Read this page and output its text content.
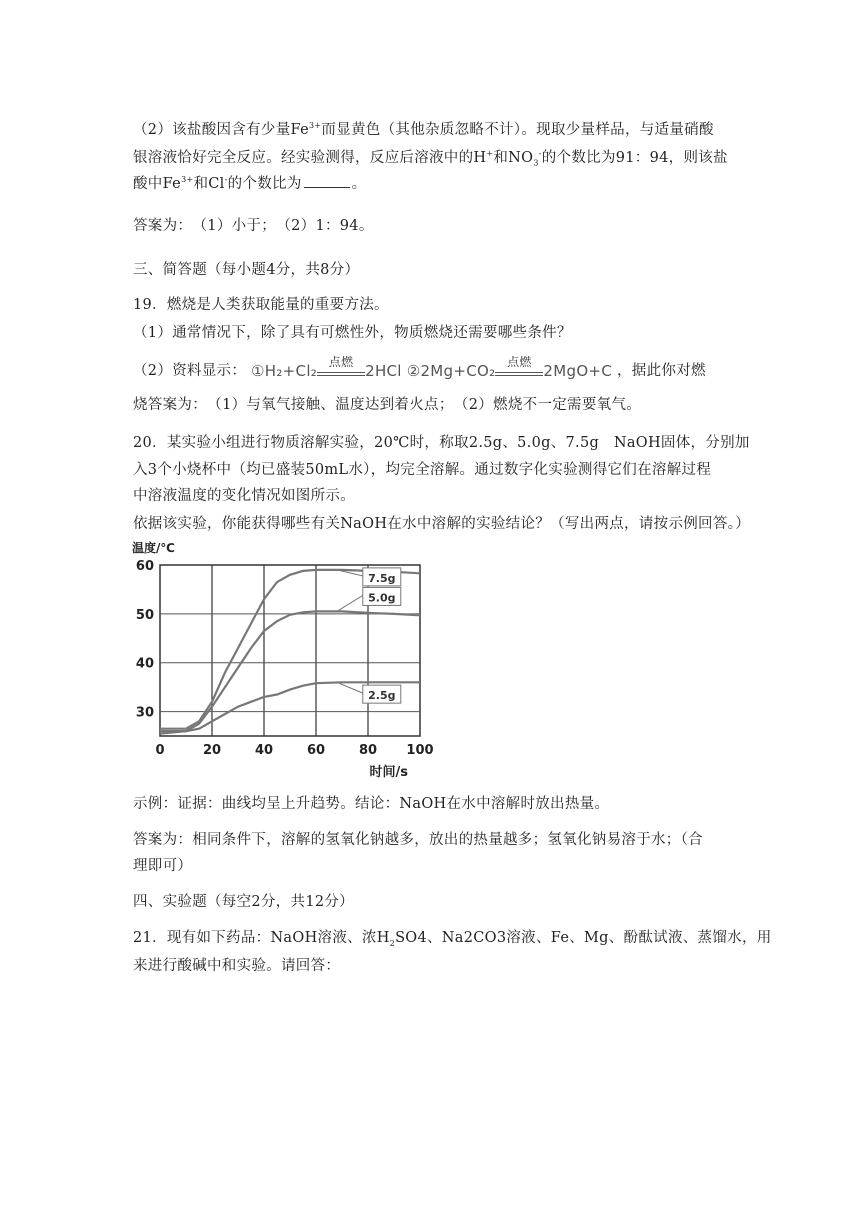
（2）该盐酸因含有少量$Fe^{3+}$而显黄色（其他杂质忽略不计）。现取少量样品，与适量硝酸
银溶液恰好完全反应。经实验测得，反应后溶液中的H+和$NO_3^-$的个数比为91：94，则该盐
酸中$Fe^{3+}$和Cl-的个数比为	。
答案为：　（1）小于；　（2）1：94。
三、简答题（每小题4分，共8分）
19．燃烧是人类获取能量的重要方法。
（1）通常情况下，除了具有可燃性外，物质燃烧还需要哪些条件？
（2）资料显示： ①H₂+Cl₂ 点燃 2HCl ②2Mg+CO₂ 点燃 2MgO+C ，据此你对燃
烧答案为：　（1）与氧气接触、温度达到着火点；　（2）燃烧不一定需要氧气。
20．某实验小组进行物质溶解实验，20℃时，称取2.5g、5.0g、7.5g　NaOH固体，分别加
入3个小烧杯中（均已盛装50mL水），均完全溶解。通过数字化实验测得它们在溶解过程
中溶液温度的变化情况如图所示。
依据该实验，你能获得哪些有关NaOH在水中溶解的实验结论？（写出两点，请按示例回答。）
7.5g
5.0g
2.5g
30
40
50
60
0	20	40	60	80 100
温度/℃
时间/s
示例：证据：曲线均呈上升趋势。结论：NaOH在水中溶解时放出热量。
答案为：相同条件下，溶解的氢氧化钠越多，放出的热量越多；氢氧化钠易溶于水；（合
理即可）
四、实验题（每空2分，共12分）
21．现有如下药品：NaOH溶液、浓$H_2SO4$、Na2CO3溶液、Fe、Mg、酚酞试液、蒸馏水，用
来进行酸碱中和实验。请回答：
